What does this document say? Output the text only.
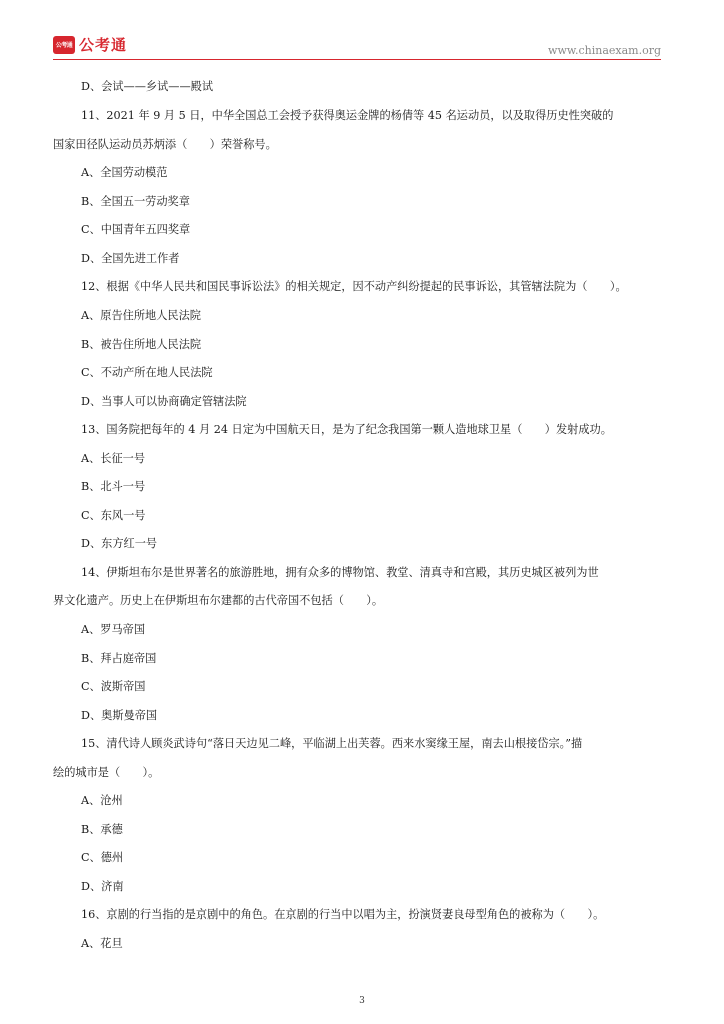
公考通 公考通	www.chinaexam.org
D、会试——乡试——殿试
11、2021 年 9 月 5 日，中华全国总工会授予获得奥运金牌的杨倩等 45 名运动员，以及取得历史性突破的
国家田径队运动员苏炳添（　　）荣誉称号。
A、全国劳动模范
B、全国五一劳动奖章
C、中国青年五四奖章
D、全国先进工作者
12、根据《中华人民共和国民事诉讼法》的相关规定，因不动产纠纷提起的民事诉讼，其管辖法院为（　　）。
A、原告住所地人民法院
B、被告住所地人民法院
C、不动产所在地人民法院
D、当事人可以协商确定管辖法院
13、国务院把每年的 4 月 24 日定为中国航天日，是为了纪念我国第一颗人造地球卫星（　　）发射成功。
A、长征一号
B、北斗一号
C、东风一号
D、东方红一号
14、伊斯坦布尔是世界著名的旅游胜地，拥有众多的博物馆、教堂、清真寺和宫殿，其历史城区被列为世
界文化遗产。历史上在伊斯坦布尔建都的古代帝国不包括（　　）。
A、罗马帝国
B、拜占庭帝国
C、波斯帝国
D、奥斯曼帝国
15、清代诗人顾炎武诗句“落日天边见二峰，平临湖上出芙蓉。西来水窦缘王屋，南去山根接岱宗。”描
绘的城市是（　　）。
A、沧州
B、承德
C、德州
D、济南
16、京剧的行当指的是京剧中的角色。在京剧的行当中以唱为主，扮演贤妻良母型角色的被称为（　　）。
A、花旦
3
